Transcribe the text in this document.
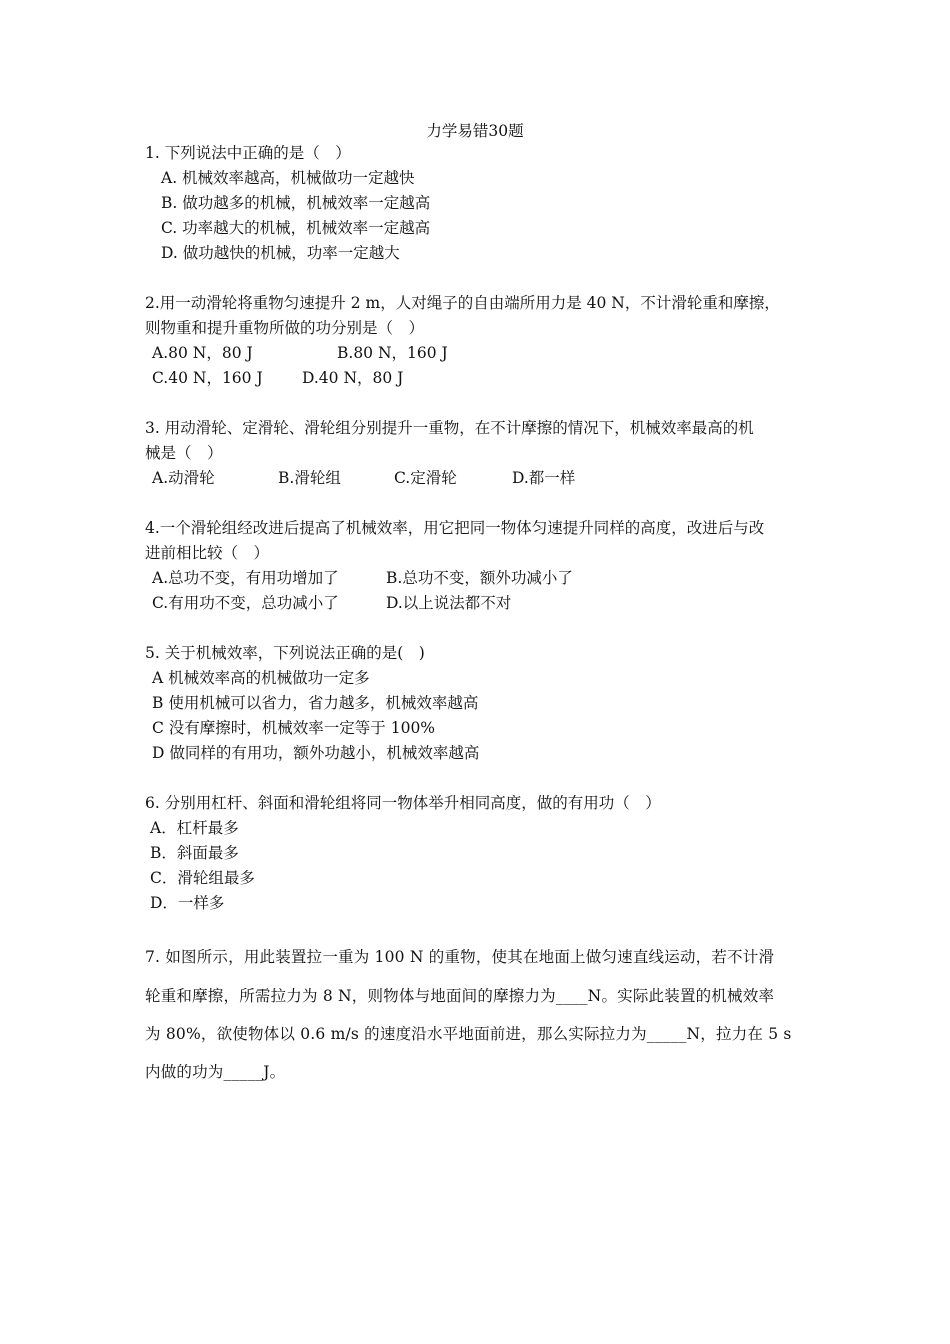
力学易错30题
1. 下列说法中正确的是（　）
A. 机械效率越高，机械做功一定越快
B. 做功越多的机械，机械效率一定越高
C. 功率越大的机械，机械效率一定越高
D. 做功越快的机械，功率一定越大
2.用一动滑轮将重物匀速提升 2 m，人对绳子的自由端所用力是 40 N，不计滑轮重和摩擦，
则物重和提升重物所做的功分别是（　）
A.80 N，80 J	B.80 N，160 J
C.40 N，160 J	D.40 N，80 J
3. 用动滑轮、定滑轮、滑轮组分别提升一重物，在不计摩擦的情况下，机械效率最高的机
械是（　）
A.动滑轮	B.滑轮组	C.定滑轮	D.都一样
4.一个滑轮组经改进后提高了机械效率，用它把同一物体匀速提升同样的高度，改进后与改
进前相比较（　）
A.总功不变，有用功增加了	B.总功不变，额外功减小了
C.有用功不变，总功减小了	D.以上说法都不对
5. 关于机械效率，下列说法正确的是(　)
A 机械效率高的机械做功一定多
B 使用机械可以省力，省力越多，机械效率越高
C 没有摩擦时，机械效率一定等于 100%
D 做同样的有用功，额外功越小，机械效率越高
6. 分别用杠杆、斜面和滑轮组将同一物体举升相同高度，做的有用功（　）
A．杠杆最多
B．斜面最多
C．滑轮组最多
D．一样多
7. 如图所示，用此装置拉一重为 100 N 的重物，使其在地面上做匀速直线运动，若不计滑
轮重和摩擦，所需拉力为 8 N，则物体与地面间的摩擦力为____N。实际此装置的机械效率
为 80%，欲使物体以 0.6 m/s 的速度沿水平地面前进，那么实际拉力为_____N，拉力在 5 s
内做的功为_____J。
